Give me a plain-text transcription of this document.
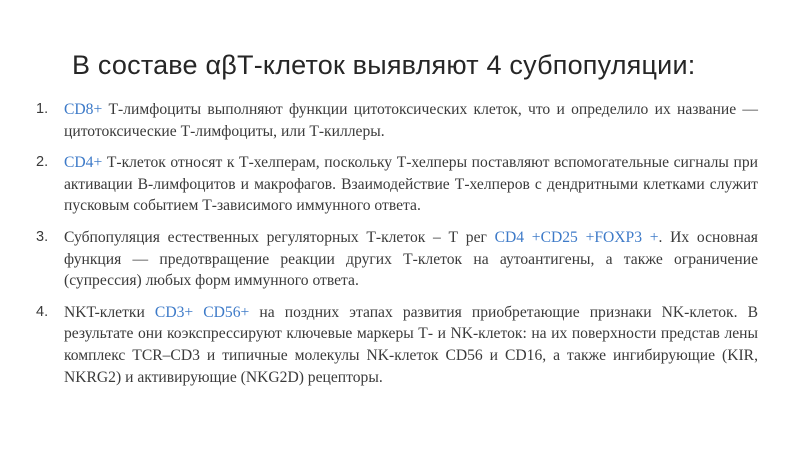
В составе αβТ-клеток выявляют 4 субпопуляции:
1. CD8+ Т-лимфоциты выполняют функции цитотоксических клеток, что и определило их название — цитотоксические Т-лимфоциты, или Т-киллеры.
2. CD4+ Т-клеток относят к Т-хелперам, поскольку Т-хелперы поставляют вспомогательные сигналы при активации В-лимфоцитов и макрофагов. Взаимодействие Т-хелперов с дендритными клетками служит пусковым событием Т-зависимого иммунного ответа.
3. Субпопуляция естественных регуляторных Т-клеток – Т рег CD4 +CD25 +FOXP3 +. Их основная функция — предотвращение реакции других Т-клеток на аутоантигены, а также ограничение (супрессия) любых форм иммунного ответа.
4. NKT-клетки CD3+ CD56+ на поздних этапах развития приобретающие признаки NK-клеток. В результате они коэкспрессируют ключевые маркеры Т- и NK-клеток: на их поверхности представ лены комплекс TCR–CD3 и типичные молекулы NK-клеток CD56 и CD16, а также ингибирующие (KIR, NKRG2) и активирующие (NKG2D) рецепторы.
